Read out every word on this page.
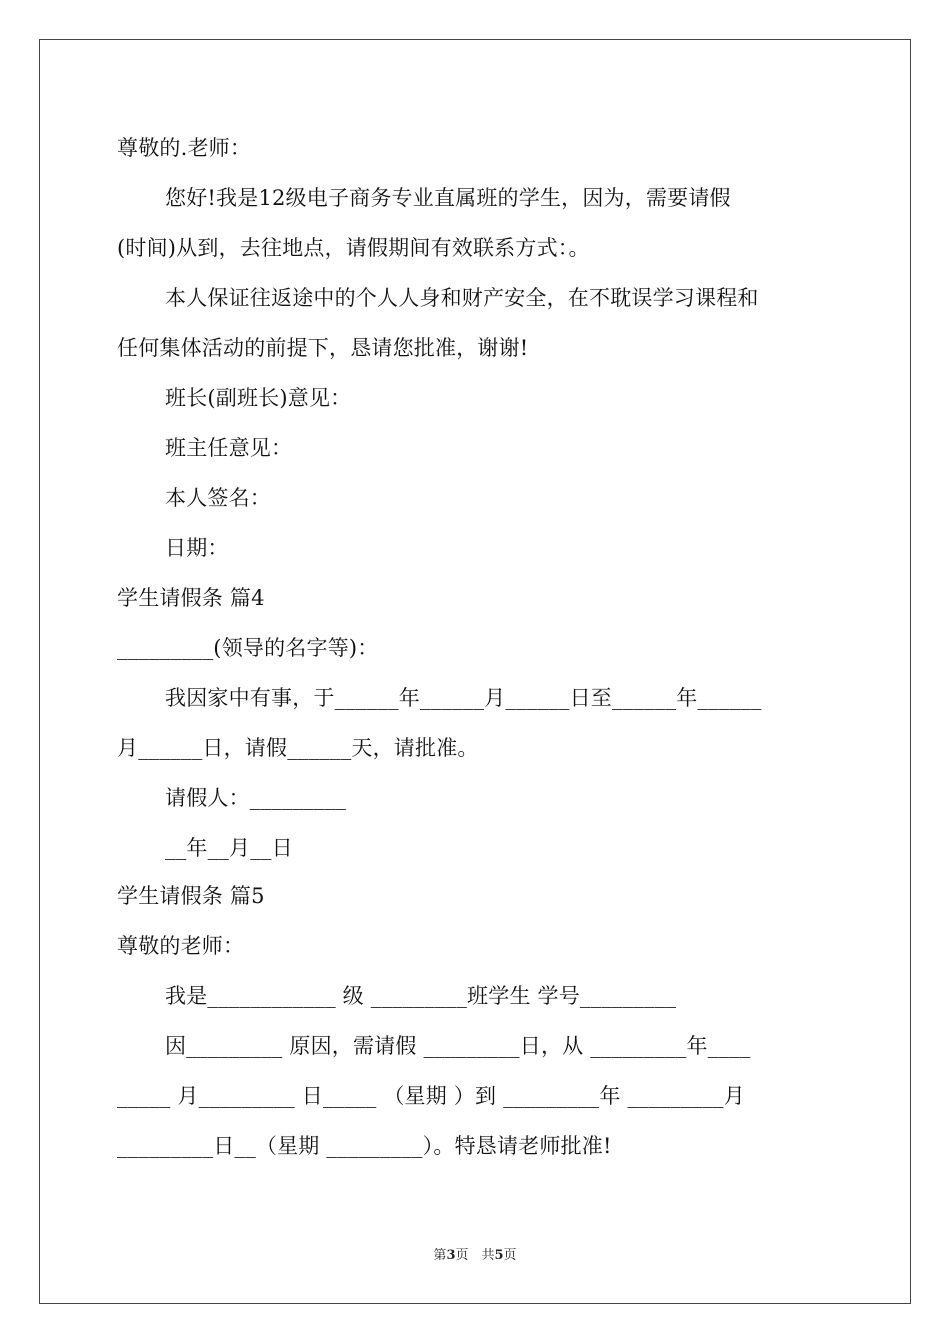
尊敬的.老师：
您好!我是12级电子商务专业直属班的学生，因为，需要请假
(时间)从到，去往地点，请假期间有效联系方式：。
本人保证往返途中的个人人身和财产安全，在不耽误学习课程和
任何集体活动的前提下，恳请您批准，谢谢!
班长(副班长)意见：
班主任意见：
本人签名：
日期：
学生请假条 篇4
_________(领导的名字等)：
我因家中有事，于______年______月______日至______年______
月______日，请假______天，请批准。
请假人：_________
__年__月__日
学生请假条 篇5
尊敬的老师：
我是____________ 级 _________班学生 学号_________
因_________ 原因，需请假 _________日，从 _________年____
_____ 月_________ 日_____ （星期 ）到 _________年 _________月
_________日__（星期 _________）。特恳请老师批准!
第3页　共5页
